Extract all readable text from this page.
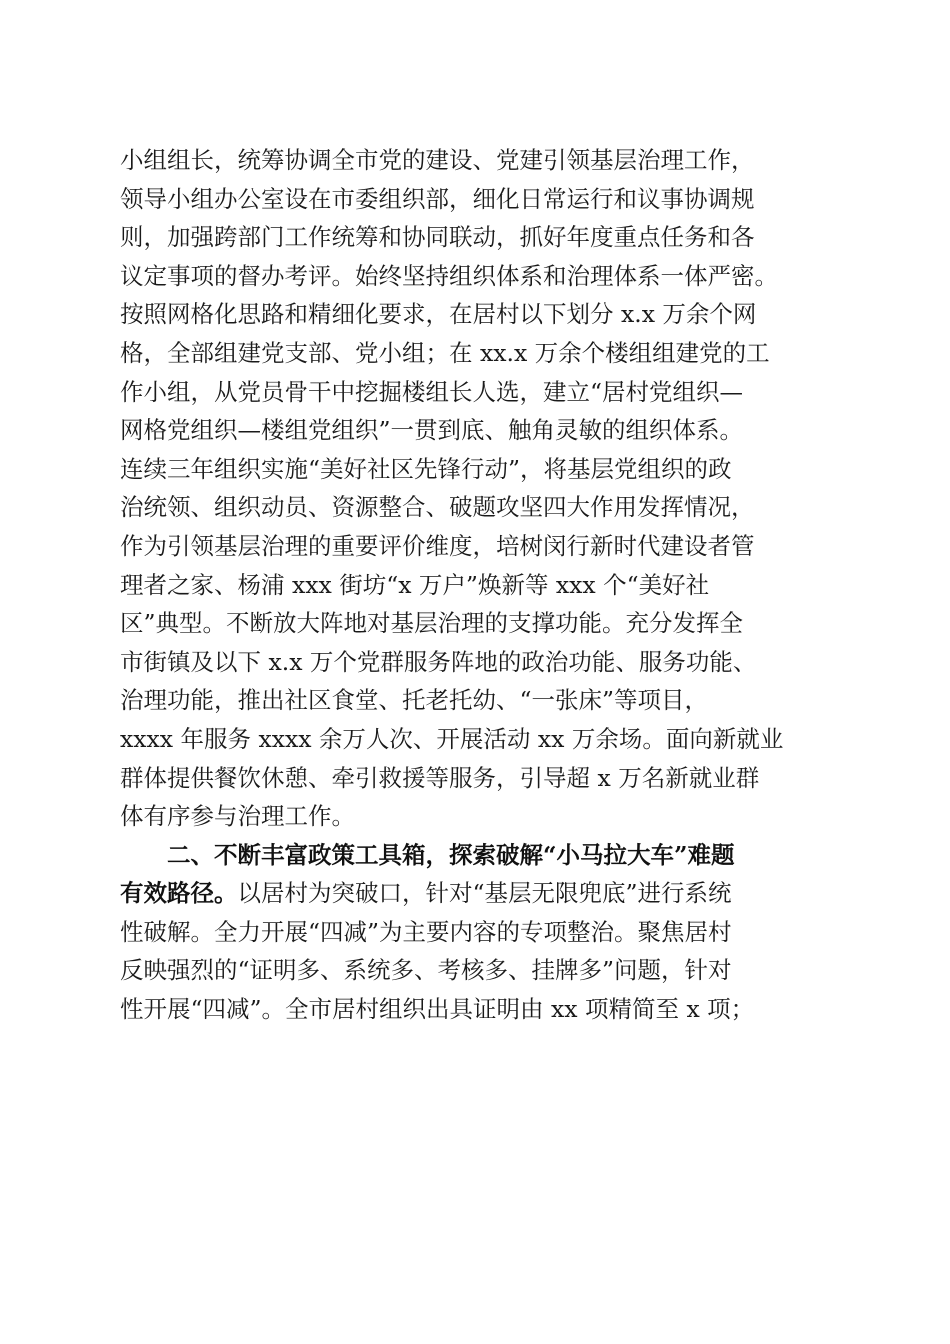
小组组长，统筹协调全市党的建设、党建引领基层治理工作，
领导小组办公室设在市委组织部，细化日常运行和议事协调规
则，加强跨部门工作统筹和协同联动，抓好年度重点任务和各
议定事项的督办考评。始终坚持组织体系和治理体系一体严密。
按照网格化思路和精细化要求，在居村以下划分 x.x 万余个网
格，全部组建党支部、党小组；在 xx.x 万余个楼组组建党的工
作小组，从党员骨干中挖掘楼组长人选，建立“居村党组织—
网格党组织—楼组党组织”一贯到底、触角灵敏的组织体系。
连续三年组织实施“美好社区先锋行动”，将基层党组织的政
治统领、组织动员、资源整合、破题攻坚四大作用发挥情况，
作为引领基层治理的重要评价维度，培树闵行新时代建设者管
理者之家、杨浦 xxx 街坊“x 万户”焕新等 xxx 个“美好社
区”典型。不断放大阵地对基层治理的支撑功能。充分发挥全
市街镇及以下 x.x 万个党群服务阵地的政治功能、服务功能、
治理功能，推出社区食堂、托老托幼、“一张床”等项目，
xxxx 年服务 xxxx 余万人次、开展活动 xx 万余场。面向新就业
群体提供餐饮休憩、牵引救援等服务，引导超 x 万名新就业群
体有序参与治理工作。
二、不断丰富政策工具箱，探索破解“小马拉大车”难题
有效路径。以居村为突破口，针对“基层无限兜底”进行系统
性破解。全力开展“四减”为主要内容的专项整治。聚焦居村
反映强烈的“证明多、系统多、考核多、挂牌多”问题，针对
性开展“四减”。全市居村组织出具证明由 xx 项精简至 x 项；
